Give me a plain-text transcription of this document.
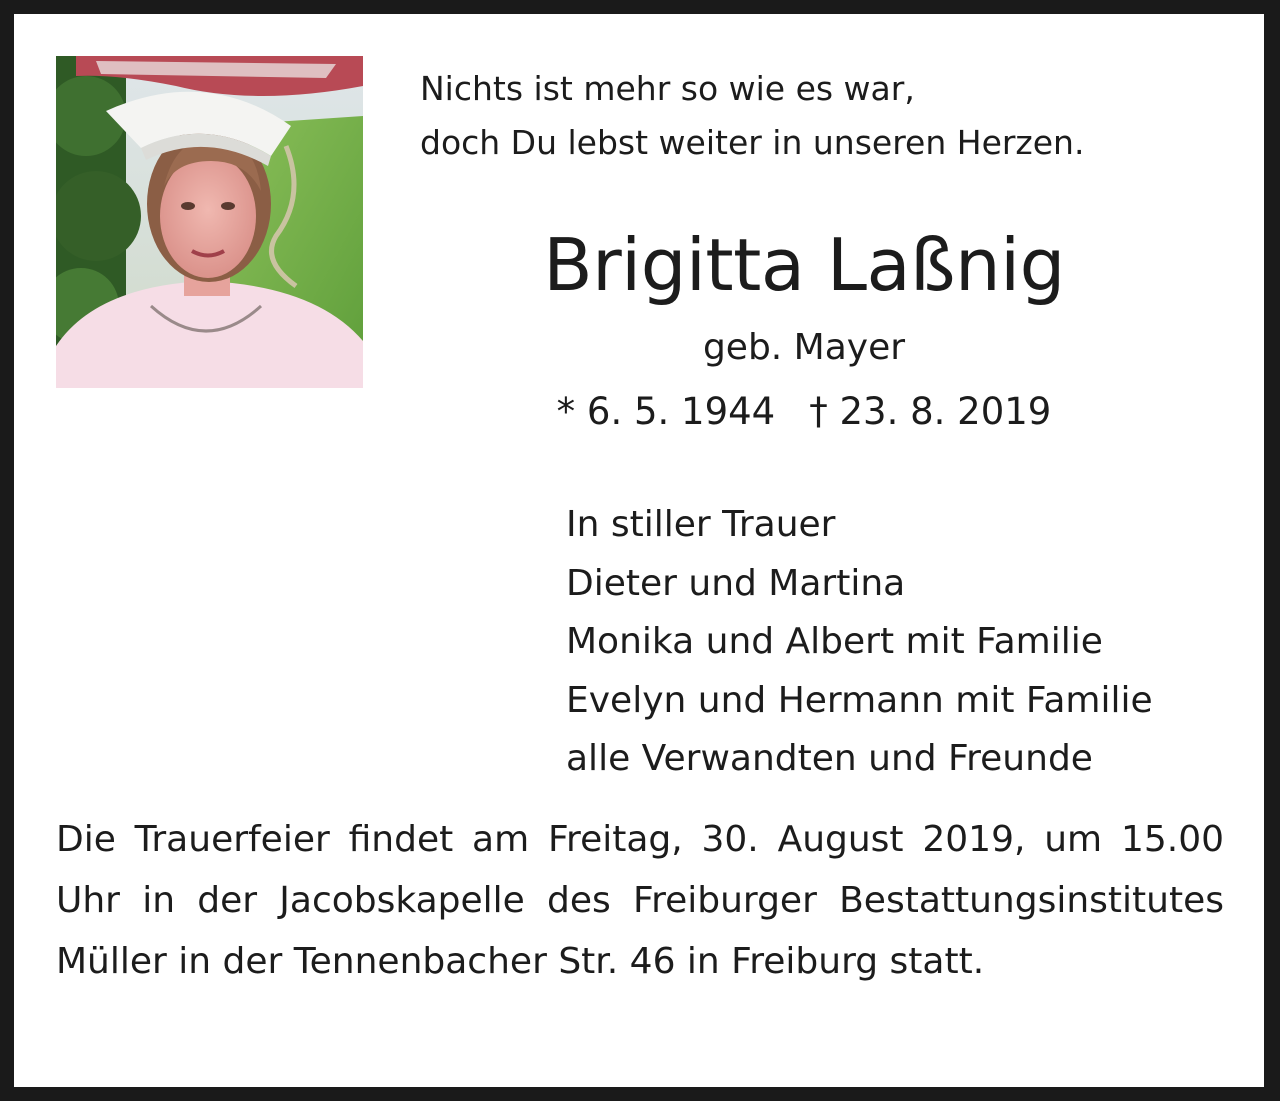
Nichts ist mehr so wie es war,
doch Du lebst weiter in unseren Herzen.
Brigitta Laßnig
geb. Mayer
* 6. 5. 1944 † 23. 8. 2019
In stiller Trauer
Dieter und Martina
Monika und Albert mit Familie
Evelyn und Hermann mit Familie
alle Verwandten und Freunde
Die Trauerfeier findet am Freitag, 30. August 2019, um 15.00 Uhr in der Jacobskapelle des Freiburger Bestattungsinstitutes Müller in der Tennenbacher Str. 46 in Freiburg statt.
